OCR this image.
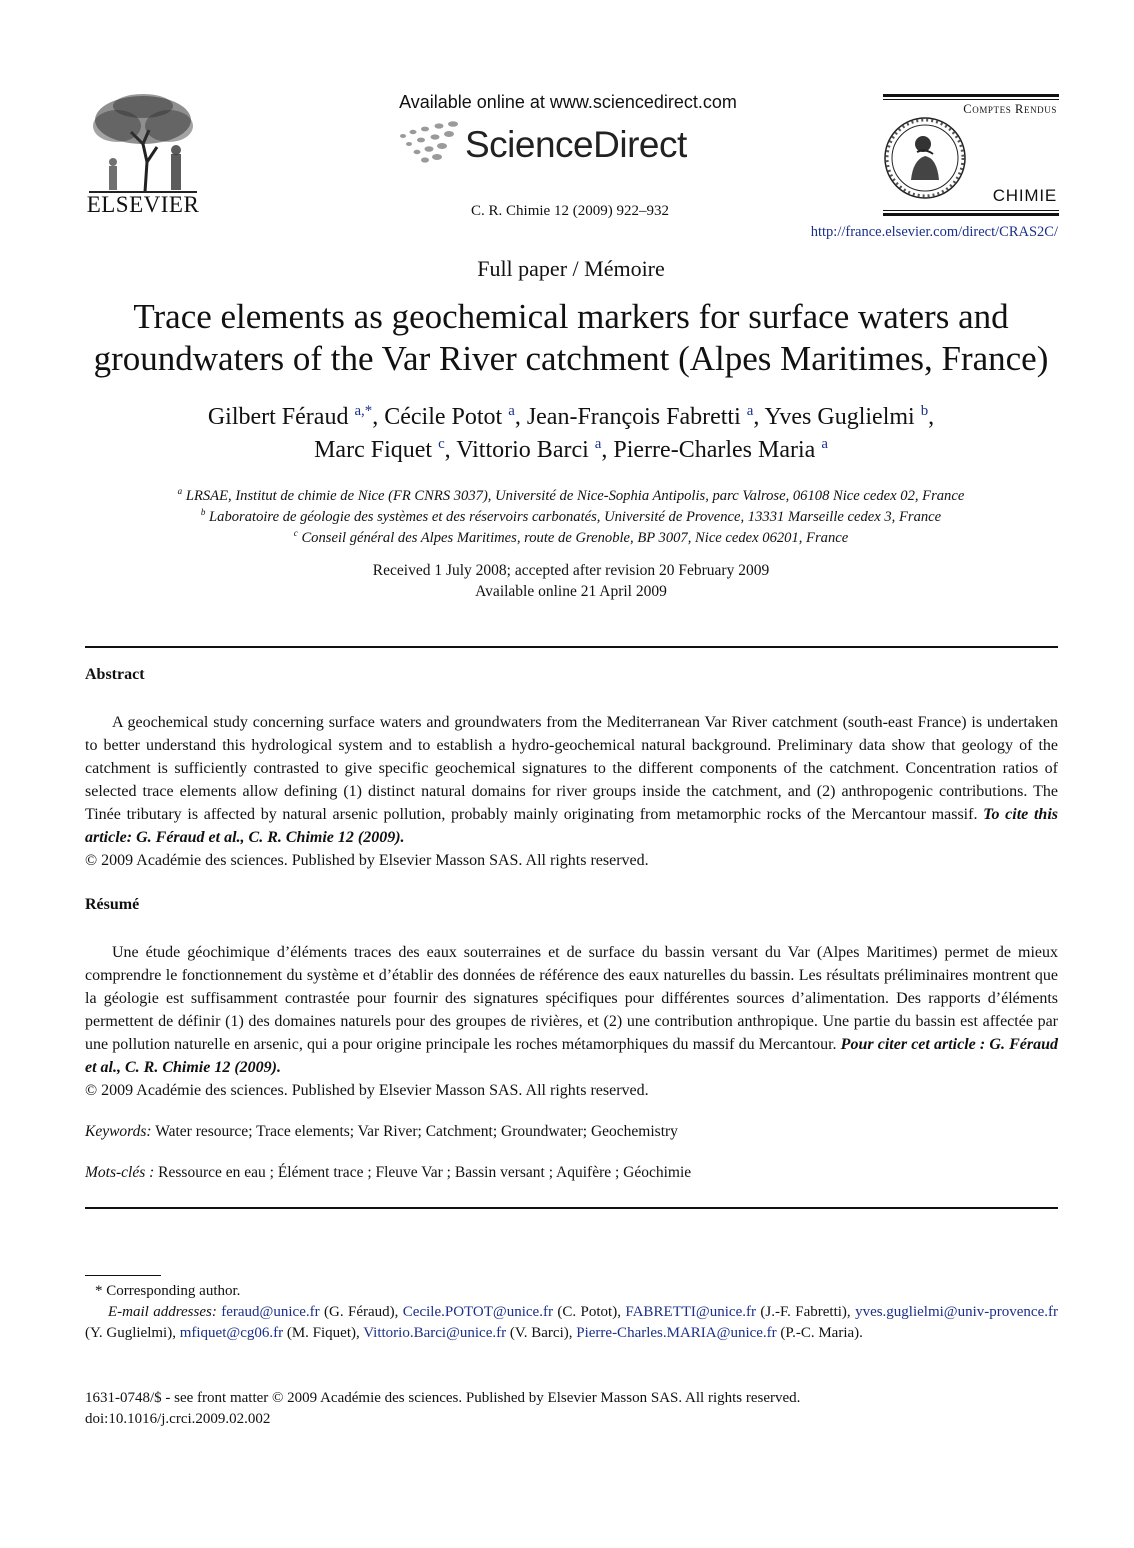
ELSEVIER
Available online at www.sciencedirect.com
ScienceDirect
C. R. Chimie 12 (2009) 922–932
Comptes Rendus
CHIMIE
http://france.elsevier.com/direct/CRAS2C/
Full paper / Mémoire
Trace elements as geochemical markers for surface waters and
groundwaters of the Var River catchment (Alpes Maritimes, France)
Gilbert Féraud $^{a,*}$, Cécile Potot $^a$, Jean-François Fabretti $^a$, Yves Guglielmi $^b$,
Marc Fiquet $^c$, Vittorio Barci $^a$, Pierre-Charles Maria $^a$
$^a$ LRSAE, Institut de chimie de Nice (FR CNRS 3037), Université de Nice-Sophia Antipolis, parc Valrose, 06108 Nice cedex 02, France
$^b$ Laboratoire de géologie des systèmes et des réservoirs carbonatés, Université de Provence, 13331 Marseille cedex 3, France
$^c$ Conseil général des Alpes Maritimes, route de Grenoble, BP 3007, Nice cedex 06201, France
Received 1 July 2008; accepted after revision 20 February 2009
Available online 21 April 2009
Abstract

A geochemical study concerning surface waters and groundwaters from the Mediterranean Var River catchment (south-east France) is undertaken to better understand this hydrological system and to establish a hydro-geochemical natural background. Preliminary data show that geology of the catchment is sufficiently contrasted to give specific geochemical signatures to the different components of the catchment. Concentration ratios of selected trace elements allow defining (1) distinct natural domains for river groups inside the catchment, and (2) anthropogenic contributions. The Tinée tributary is affected by natural arsenic pollution, probably mainly originating from metamorphic rocks of the Mercantour massif. To cite this article: G. Féraud et al., C. R. Chimie 12 (2009).

© 2009 Académie des sciences. Published by Elsevier Masson SAS. All rights reserved.

Résumé

Une étude géochimique d’éléments traces des eaux souterraines et de surface du bassin versant du Var (Alpes Maritimes) permet de mieux comprendre le fonctionnement du système et d’établir des données de référence des eaux naturelles du bassin. Les résultats préliminaires montrent que la géologie est suffisamment contrastée pour fournir des signatures spécifiques pour différentes sources d’alimentation. Des rapports d’éléments permettent de définir (1) des domaines naturels pour des groupes de rivières, et (2) une contribution anthropique. Une partie du bassin est affectée par une pollution naturelle en arsenic, qui a pour origine principale les roches métamorphiques du massif du Mercantour. Pour citer cet article : G. Féraud et al., C. R. Chimie 12 (2009).

© 2009 Académie des sciences. Published by Elsevier Masson SAS. All rights reserved.

Keywords: Water resource; Trace elements; Var River; Catchment; Groundwater; Geochemistry
Mots-clés : Ressource en eau ; Élément trace ; Fleuve Var ; Bassin versant ; Aquifère ; Géochimie

* Corresponding author.

E-mail addresses: feraud@unice.fr (G. Féraud), Cecile.POTOT@unice.fr (C. Potot), FABRETTI@unice.fr (J.-F. Fabretti), yves.guglielmi@univ-provence.fr (Y. Guglielmi), mfiquet@cg06.fr (M. Fiquet), Vittorio.Barci@unice.fr (V. Barci), Pierre-Charles.MARIA@unice.fr (P.-C. Maria).

1631-0748/$ - see front matter © 2009 Académie des sciences. Published by Elsevier Masson SAS. All rights reserved.
doi:10.1016/j.crci.2009.02.002
